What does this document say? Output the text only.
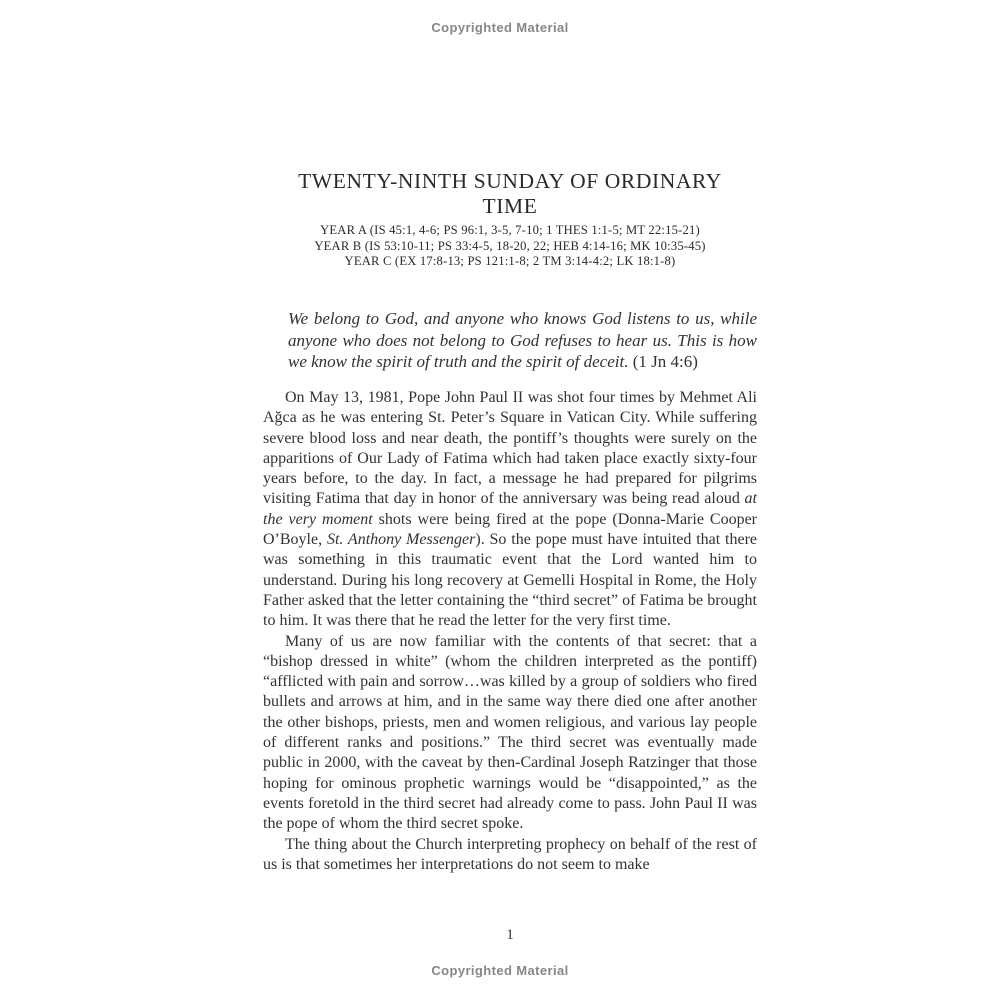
Copyrighted Material
TWENTY-NINTH SUNDAY OF ORDINARY
TIME
YEAR A (IS 45:1, 4-6; PS 96:1, 3-5, 7-10; 1 THES 1:1-5; MT 22:15-21)
YEAR B (IS 53:10-11; PS 33:4-5, 18-20, 22; HEB 4:14-16; MK 10:35-45)
YEAR C (EX 17:8-13; PS 121:1-8; 2 TM 3:14-4:2; LK 18:1-8)
We belong to God, and anyone who knows God listens to us, while anyone who does not belong to God refuses to hear us. This is how we know the spirit of truth and the spirit of deceit. (1 Jn 4:6)

On May 13, 1981, Pope John Paul II was shot four times by Mehmet Ali Ağca as he was entering St. Peter’s Square in Vatican City. While suffering severe blood loss and near death, the pontiff’s thoughts were surely on the apparitions of Our Lady of Fatima which had taken place exactly sixty-four years before, to the day. In fact, a message he had prepared for pilgrims visiting Fatima that day in honor of the anniversary was being read aloud at the very moment shots were being fired at the pope (Donna-Marie Cooper O’Boyle, St. Anthony Messenger). So the pope must have intuited that there was something in this traumatic event that the Lord wanted him to understand. During his long recovery at Gemelli Hospital in Rome, the Holy Father asked that the letter containing the “third secret” of Fatima be brought to him. It was there that he read the letter for the very first time.

Many of us are now familiar with the contents of that secret: that a “bishop dressed in white” (whom the children interpreted as the pontiff) “afflicted with pain and sorrow…was killed by a group of soldiers who fired bullets and arrows at him, and in the same way there died one after another the other bishops, priests, men and women religious, and various lay people of different ranks and positions.” The third secret was eventually made public in 2000, with the caveat by then-Cardinal Joseph Ratzinger that those hoping for ominous prophetic warnings would be “disappointed,” as the events foretold in the third secret had already come to pass. John Paul II was the pope of whom the third secret spoke.

The thing about the Church interpreting prophecy on behalf of the rest of us is that sometimes her interpretations do not seem to make

1
Copyrighted Material
